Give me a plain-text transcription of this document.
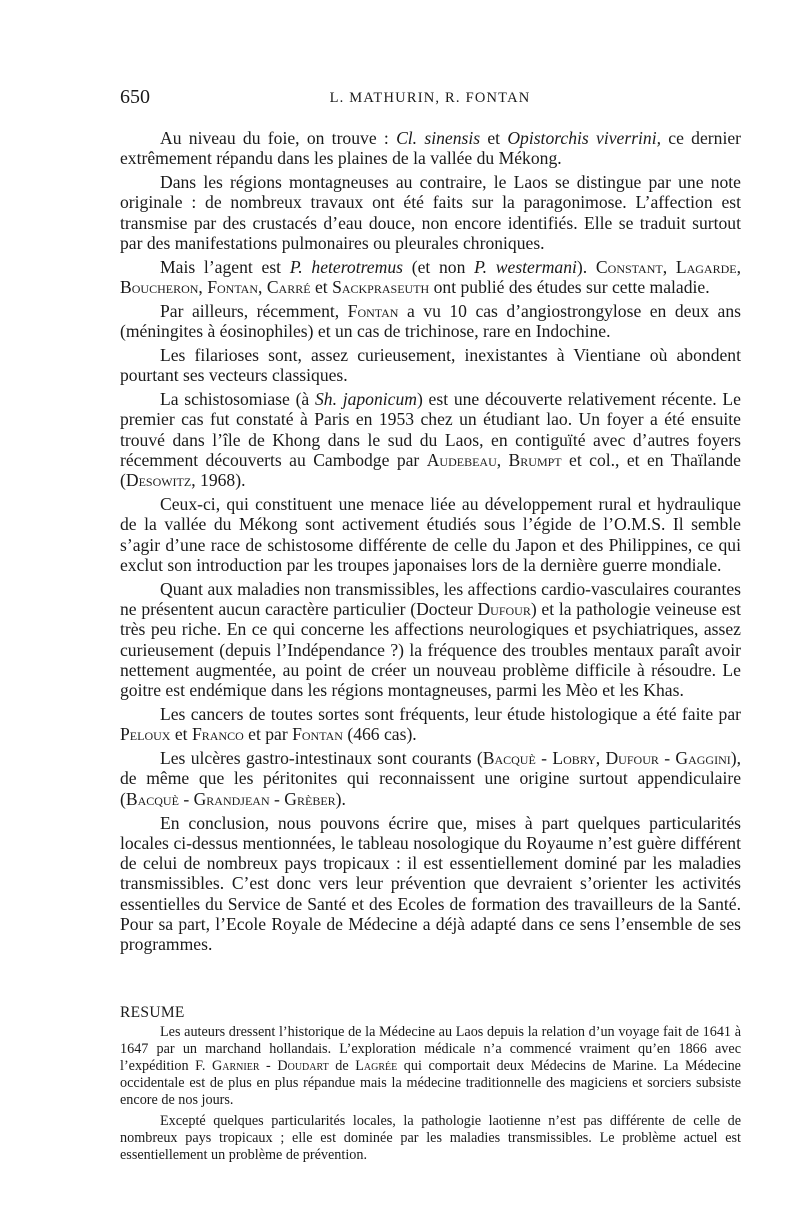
650	L. MATHURIN, R. FONTAN

Au niveau du foie, on trouve : Cl. sinensis et Opistorchis viverrini, ce dernier extrêmement répandu dans les plaines de la vallée du Mékong.

Dans les régions montagneuses au contraire, le Laos se distingue par une note originale : de nombreux travaux ont été faits sur la paragonimose. L’affection est transmise par des crustacés d’eau douce, non encore identifiés. Elle se traduit surtout par des manifestations pulmonaires ou pleurales chroniques.

Mais l’agent est P. heterotremus (et non P. westermani). Constant, Lagarde, Boucheron, Fontan, Carré et Sackpraseuth ont publié des études sur cette maladie.

Par ailleurs, récemment, Fontan a vu 10 cas d’angiostrongylose en deux ans (méningites à éosinophiles) et un cas de trichinose, rare en Indochine.

Les filarioses sont, assez curieusement, inexistantes à Vientiane où abondent pourtant ses vecteurs classiques.

La schistosomiase (à Sh. japonicum) est une découverte relativement récente. Le premier cas fut constaté à Paris en 1953 chez un étudiant lao. Un foyer a été ensuite trouvé dans l’île de Khong dans le sud du Laos, en contiguïté avec d’autres foyers récemment découverts au Cambodge par Audebeau, Brumpt et col., et en Thaïlande (Desowitz, 1968).

Ceux-ci, qui constituent une menace liée au développement rural et hydraulique de la vallée du Mékong sont activement étudiés sous l’égide de l’O.M.S. Il semble s’agir d’une race de schistosome différente de celle du Japon et des Philippines, ce qui exclut son introduction par les troupes japonaises lors de la dernière guerre mondiale.

Quant aux maladies non transmissibles, les affections cardio-vasculaires courantes ne présentent aucun caractère particulier (Docteur Dufour) et la pathologie veineuse est très peu riche. En ce qui concerne les affections neurologiques et psychiatriques, assez curieusement (depuis l’Indépendance ?) la fréquence des troubles mentaux paraît avoir nettement augmentée, au point de créer un nouveau problème difficile à résoudre. Le goitre est endémique dans les régions montagneuses, parmi les Mèo et les Khas.

Les cancers de toutes sortes sont fréquents, leur étude histologique a été faite par Peloux et Franco et par Fontan (466 cas).

Les ulcères gastro-intestinaux sont courants (Bacquè - Lobry, Dufour - Gaggini), de même que les péritonites qui reconnaissent une origine surtout appendiculaire (Bacquè - Grandjean - Grèber).

En conclusion, nous pouvons écrire que, mises à part quelques particularités locales ci-dessus mentionnées, le tableau nosologique du Royaume n’est guère différent de celui de nombreux pays tropicaux : il est essentiellement dominé par les maladies transmissibles. C’est donc vers leur prévention que devraient s’orienter les activités essentielles du Service de Santé et des Ecoles de formation des travailleurs de la Santé. Pour sa part, l’Ecole Royale de Médecine a déjà adapté dans ce sens l’ensemble de ses programmes.

RESUME

Les auteurs dressent l’historique de la Médecine au Laos depuis la relation d’un voyage fait de 1641 à 1647 par un marchand hollandais. L’exploration médicale n’a commencé vraiment qu’en 1866 avec l’expédition F. Garnier - Doudart de Lagrée qui comportait deux Médecins de Marine. La Médecine occidentale est de plus en plus répandue mais la médecine traditionnelle des magiciens et sorciers subsiste encore de nos jours.

Excepté quelques particularités locales, la pathologie laotienne n’est pas différente de celle de nombreux pays tropicaux ; elle est dominée par les maladies transmissibles. Le problème actuel est essentiellement un problème de prévention.
